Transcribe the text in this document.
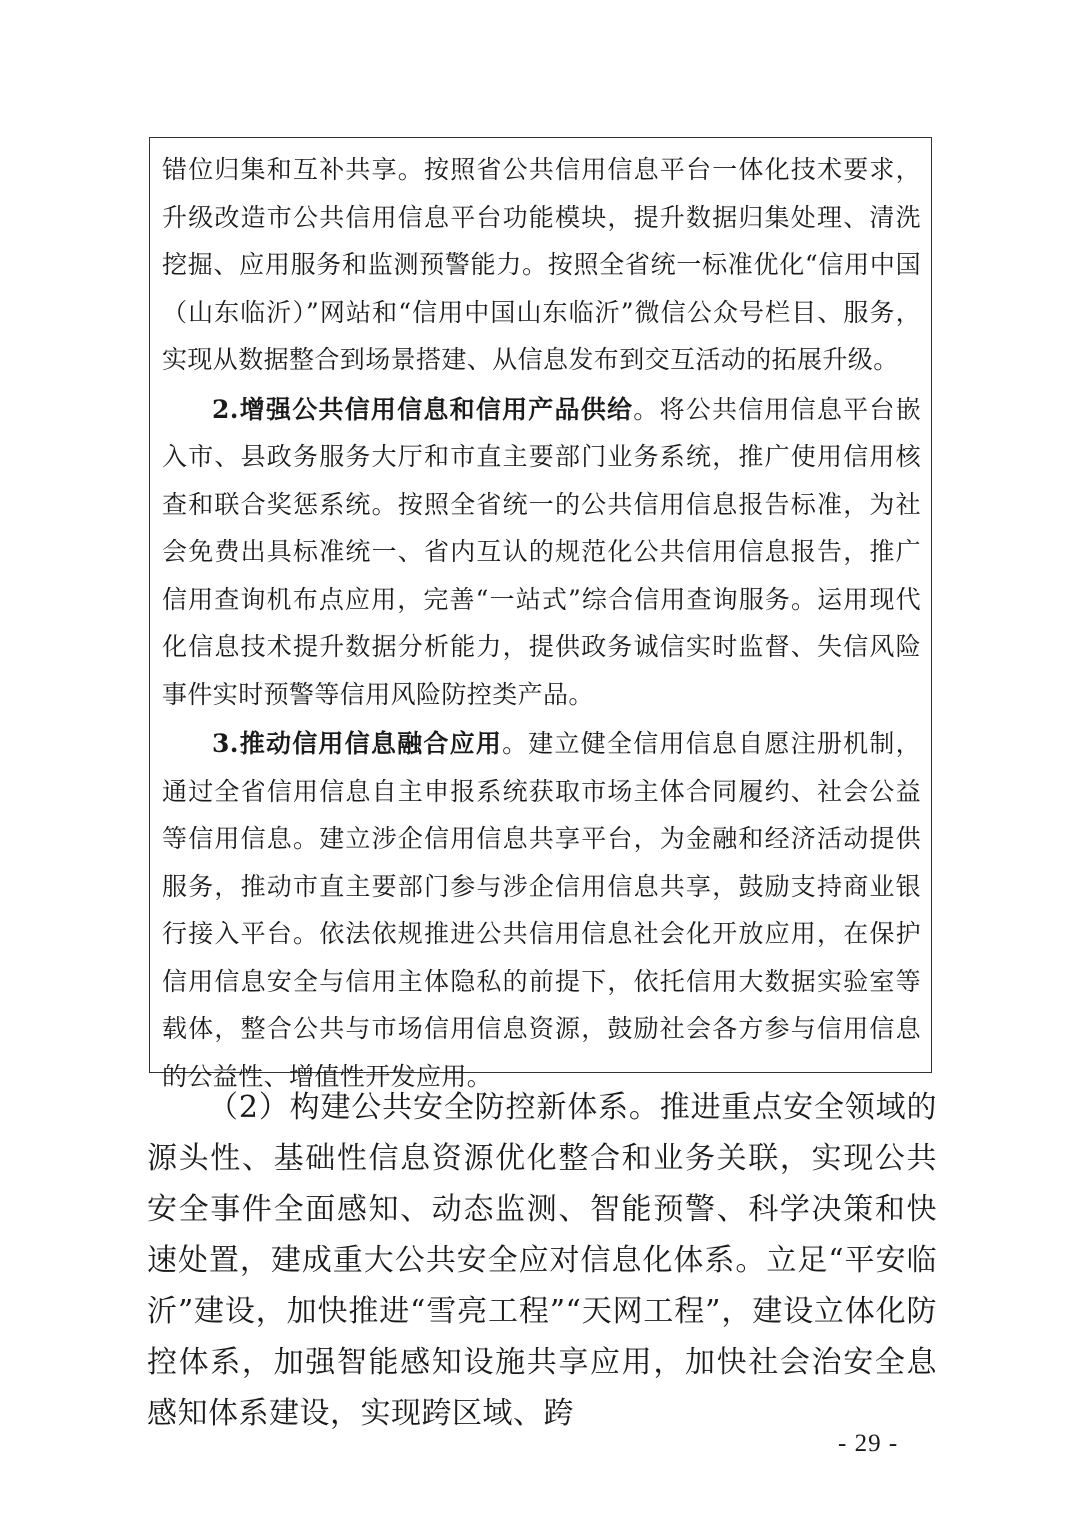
错位归集和互补共享。按照省公共信用信息平台一体化技术要求，升级改造市公共信用信息平台功能模块，提升数据归集处理、清洗挖掘、应用服务和监测预警能力。按照全省统一标准优化“信用中国（山东临沂）”网站和“信用中国山东临沂”微信公众号栏目、服务，实现从数据整合到场景搭建、从信息发布到交互活动的拓展升级。

2.增强公共信用信息和信用产品供给。将公共信用信息平台嵌入市、县政务服务大厅和市直主要部门业务系统，推广使用信用核查和联合奖惩系统。按照全省统一的公共信用信息报告标准，为社会免费出具标准统一、省内互认的规范化公共信用信息报告，推广信用查询机布点应用，完善“一站式”综合信用查询服务。运用现代化信息技术提升数据分析能力，提供政务诚信实时监督、失信风险事件实时预警等信用风险防控类产品。

3.推动信用信息融合应用。建立健全信用信息自愿注册机制，通过全省信用信息自主申报系统获取市场主体合同履约、社会公益等信用信息。建立涉企信用信息共享平台，为金融和经济活动提供服务，推动市直主要部门参与涉企信用信息共享，鼓励支持商业银行接入平台。依法依规推进公共信用信息社会化开放应用，在保护信用信息安全与信用主体隐私的前提下，依托信用大数据实验室等载体，整合公共与市场信用信息资源，鼓励社会各方参与信用信息的公益性、增值性开发应用。

（2）构建公共安全防控新体系。推进重点安全领域的源头性、基础性信息资源优化整合和业务关联，实现公共安全事件全面感知、动态监测、智能预警、科学决策和快速处置，建成重大公共安全应对信息化体系。立足“平安临沂”建设，加快推进“雪亮工程”“天网工程”，建设立体化防控体系，加强智能感知设施共享应用，加快社会治安全息感知体系建设，实现跨区域、跨

- 29 -
